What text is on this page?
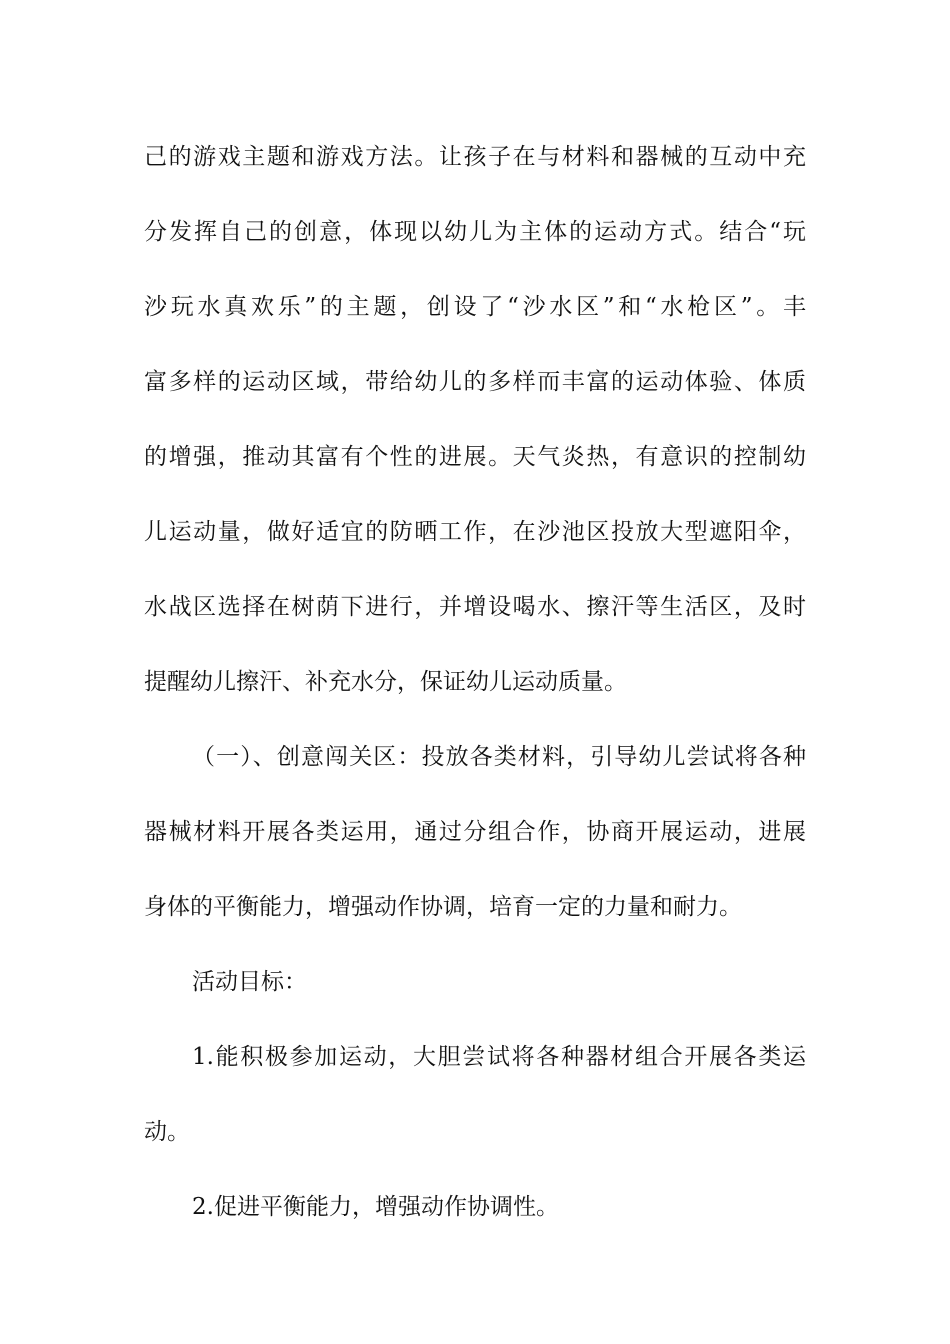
己的游戏主题和游戏方法。让孩子在与材料和器械的互动中充
分发挥自己的创意，体现以幼儿为主体的运动方式。结合“玩
沙玩水真欢乐”的主题，创设了“沙水区”和“水枪区”。丰
富多样的运动区域，带给幼儿的多样而丰富的运动体验、体质
的增强，推动其富有个性的进展。天气炎热，有意识的控制幼
儿运动量，做好适宜的防晒工作，在沙池区投放大型遮阳伞，
水战区选择在树荫下进行，并增设喝水、擦汗等生活区，及时
提醒幼儿擦汗、补充水分，保证幼儿运动质量。
（一）、创意闯关区：投放各类材料，引导幼儿尝试将各种
器械材料开展各类运用，通过分组合作，协商开展运动，进展
身体的平衡能力，增强动作协调，培育一定的力量和耐力。
活动目标：
1.能积极参加运动，大胆尝试将各种器材组合开展各类运
动。
2.促进平衡能力，增强动作协调性。
